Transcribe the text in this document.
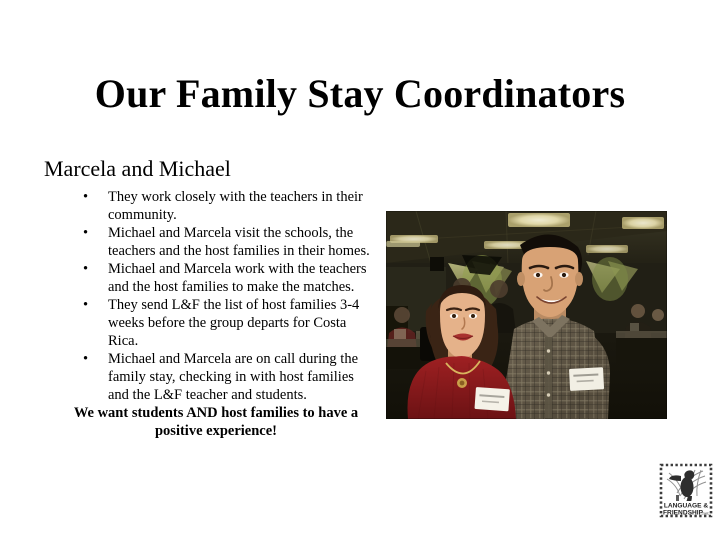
Our Family Stay Coordinators
Marcela and Michael
• They work closely with the teachers in their community.
• Michael and Marcela visit the schools, the teachers and the host families in their homes.
• Michael and Marcela work with the teachers and the host families to make the matches.
• They send L&F the list of host families 3-4 weeks before the group departs for Costa Rica.
• Michael and Marcela are on call during the family stay, checking in with host families and the L&F teacher and students.
We want students AND host families to have a positive experience!
LANGUAGE &
FRIENDSHIP
.net
